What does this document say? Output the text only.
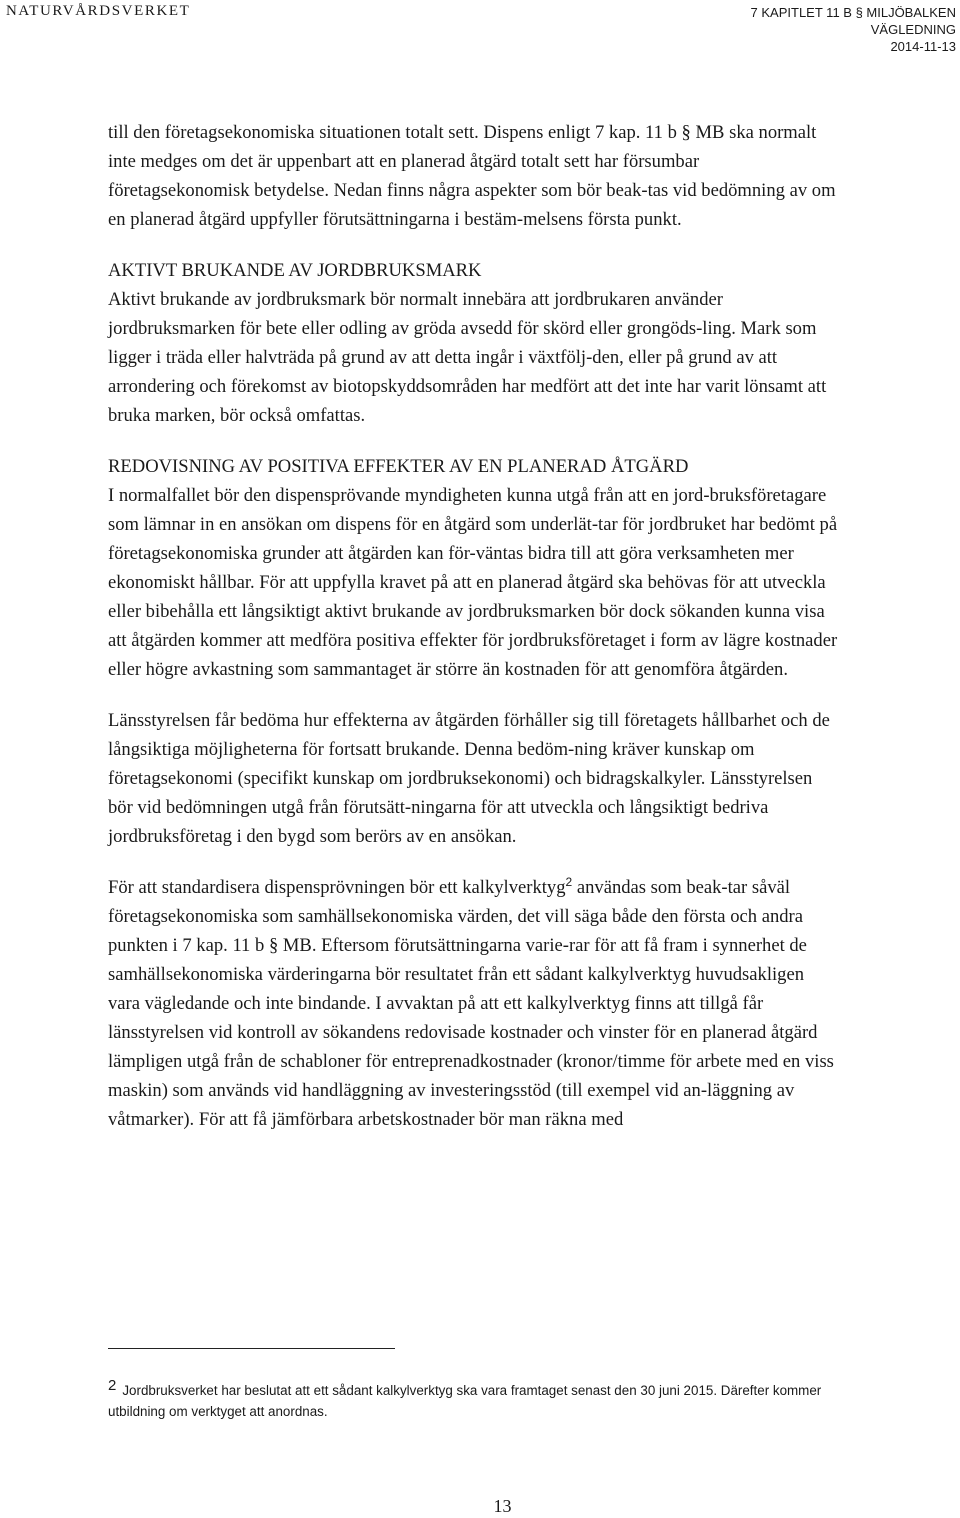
NATURVÅRDSVERKET	7 KAPITLET 11 B § MILJÖBALKEN
VÄGLEDNING
2014-11-13

till den företagsekonomiska situationen totalt sett. Dispens enligt 7 kap. 11 b § MB ska normalt inte medges om det är uppenbart att en planerad åtgärd totalt sett har försumbar företagsekonomisk betydelse. Nedan finns några aspekter som bör beak-tas vid bedömning av om en planerad åtgärd uppfyller förutsättningarna i bestäm-melsens första punkt.

AKTIVT BRUKANDE AV JORDBRUKSMARK

Aktivt brukande av jordbruksmark bör normalt innebära att jordbrukaren använder jordbruksmarken för bete eller odling av gröda avsedd för skörd eller grongöds-ling. Mark som ligger i träda eller halvträda på grund av att detta ingår i växtfölj-den, eller på grund av att arrondering och förekomst av biotopskyddsområden har medfört att det inte har varit lönsamt att bruka marken, bör också omfattas.

REDOVISNING AV POSITIVA EFFEKTER AV EN PLANERAD ÅTGÄRD

I normalfallet bör den dispensprövande myndigheten kunna utgå från att en jord-bruksföretagare som lämnar in en ansökan om dispens för en åtgärd som underlät-tar för jordbruket har bedömt på företagsekonomiska grunder att åtgärden kan för-väntas bidra till att göra verksamheten mer ekonomiskt hållbar. För att uppfylla kravet på att en planerad åtgärd ska behövas för att utveckla eller bibehålla ett långsiktigt aktivt brukande av jordbruksmarken bör dock sökanden kunna visa att åtgärden kommer att medföra positiva effekter för jordbruksföretaget i form av lägre kostnader eller högre avkastning som sammantaget är större än kostnaden för att genomföra åtgärden.

Länsstyrelsen får bedöma hur effekterna av åtgärden förhåller sig till företagets hållbarhet och de långsiktiga möjligheterna för fortsatt brukande. Denna bedöm-ning kräver kunskap om företagsekonomi (specifikt kunskap om jordbruksekonomi) och bidragskalkyler. Länsstyrelsen bör vid bedömningen utgå från förutsätt-ningarna för att utveckla och långsiktigt bedriva jordbruksföretag i den bygd som berörs av en ansökan.

För att standardisera dispensprövningen bör ett kalkylverktyg$^2$ användas som beak-tar såväl företagsekonomiska som samhällsekonomiska värden, det vill säga både den första och andra punkten i 7 kap. 11 b § MB. Eftersom förutsättningarna varie-rar för att få fram i synnerhet de samhällsekonomiska värderingarna bör resultatet från ett sådant kalkylverktyg huvudsakligen vara vägledande och inte bindande. I avvaktan på att ett kalkylverktyg finns att tillgå får länsstyrelsen vid kontroll av sökandens redovisade kostnader och vinster för en planerad åtgärd lämpligen utgå från de schabloner för entreprenadkostnader (kronor/timme för arbete med en viss maskin) som används vid handläggning av investeringsstöd (till exempel vid an-läggning av våtmarker). För att få jämförbara arbetskostnader bör man räkna med

$^2$ Jordbruksverket har beslutat att ett sådant kalkylverktyg ska vara framtaget senast den 30 juni 2015. Därefter kommer utbildning om verktyget att anordnas.
13
